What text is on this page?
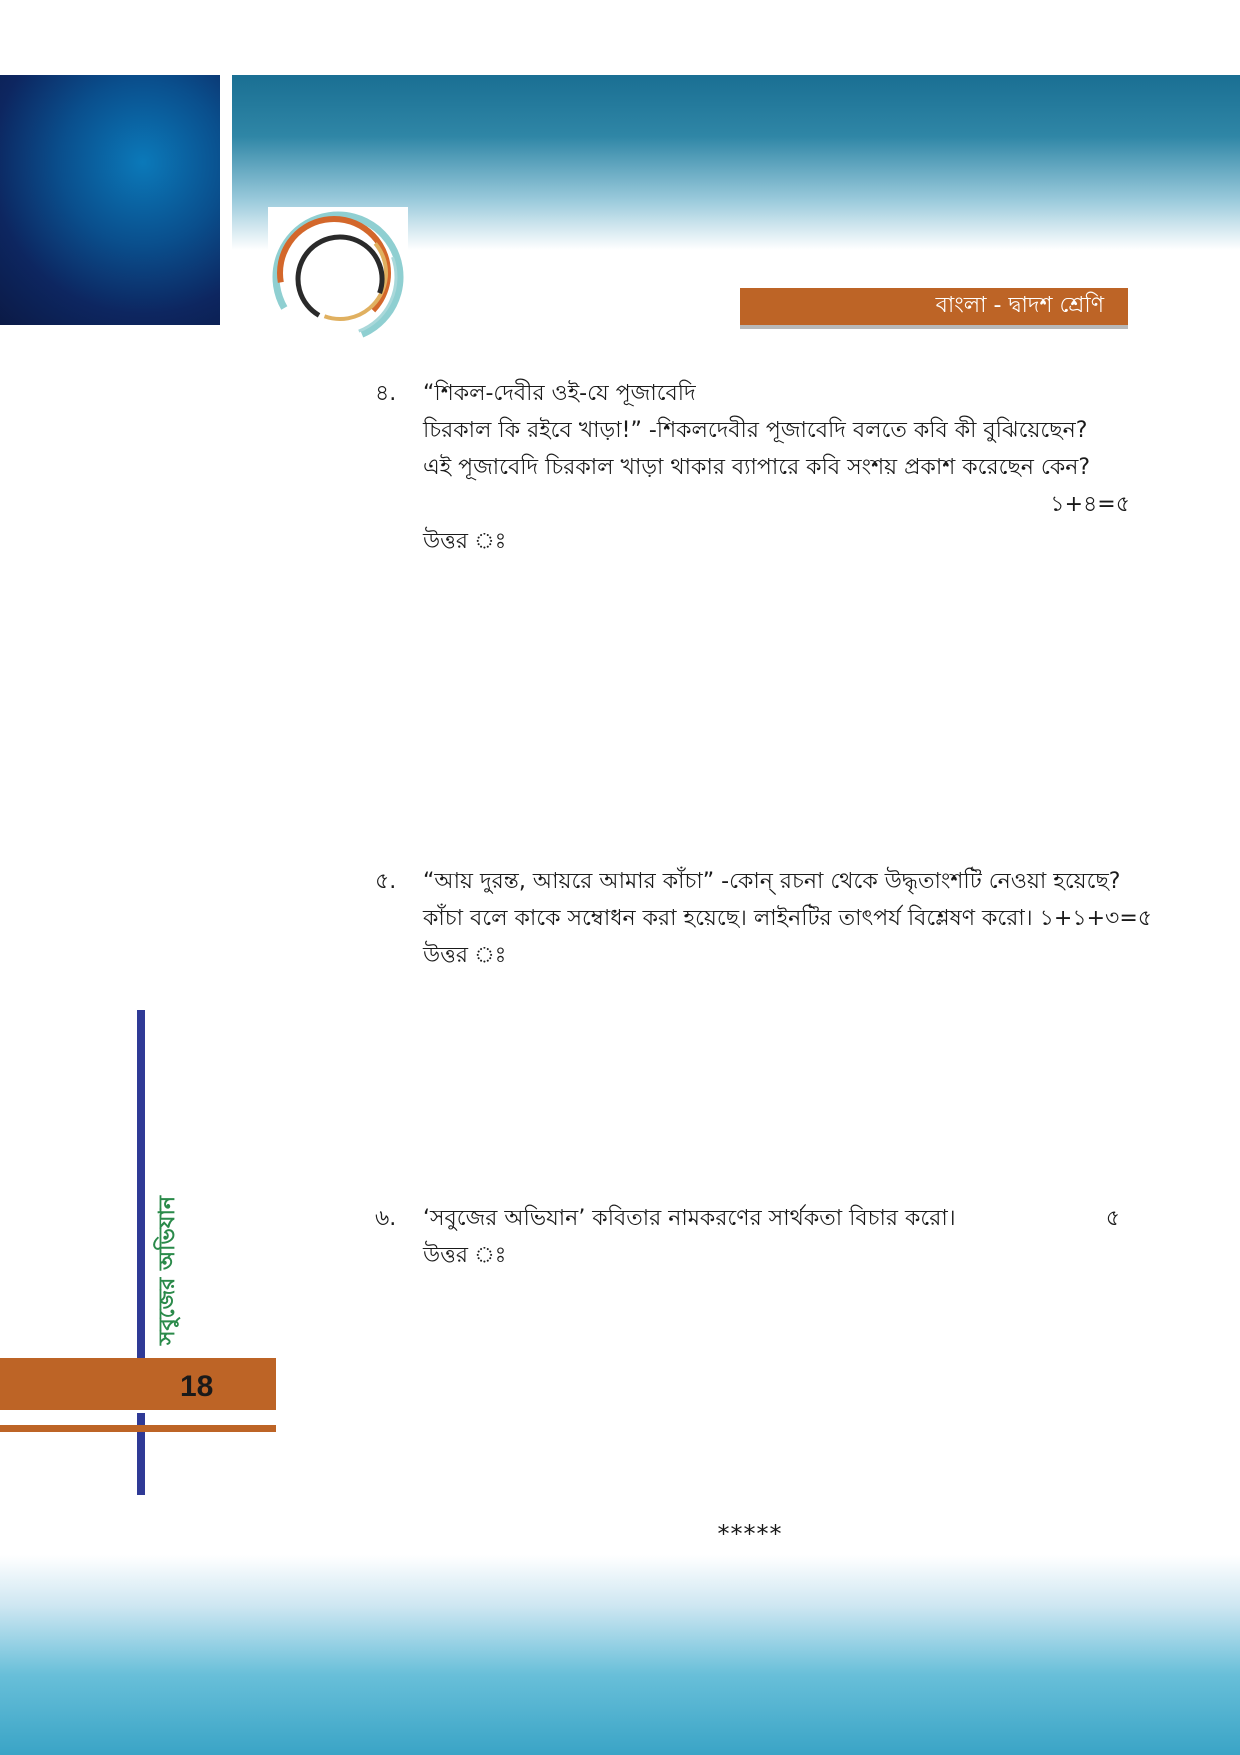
বাংলা - দ্বাদশ শ্রেণি
৪. “শিকল-দেবীর ওই-যে পূজাবেদি
চিরকাল কি রইবে খাড়া!” -শিকলদেবীর পূজাবেদি বলতে কবি কী বুঝিয়েছেন?
এই পূজাবেদি চিরকাল খাড়া থাকার ব্যাপারে কবি সংশয় প্রকাশ করেছেন কেন?
১+৪=৫
উত্তর ঃ
৫. “আয় দুরন্ত, আয়রে আমার কাঁচা” -কোন্ রচনা থেকে উদ্ধৃতাংশটি নেওয়া হয়েছে?
কাঁচা বলে কাকে সম্বোধন করা হয়েছে। লাইনটির তাৎপর্য বিশ্লেষণ করো। ১+১+৩=৫
উত্তর ঃ
৬. ‘সবুজের অভিযান’ কবিতার নামকরণের সার্থকতা বিচার করো।	৫
উত্তর ঃ
সবুজের অভিযান
18
*****
